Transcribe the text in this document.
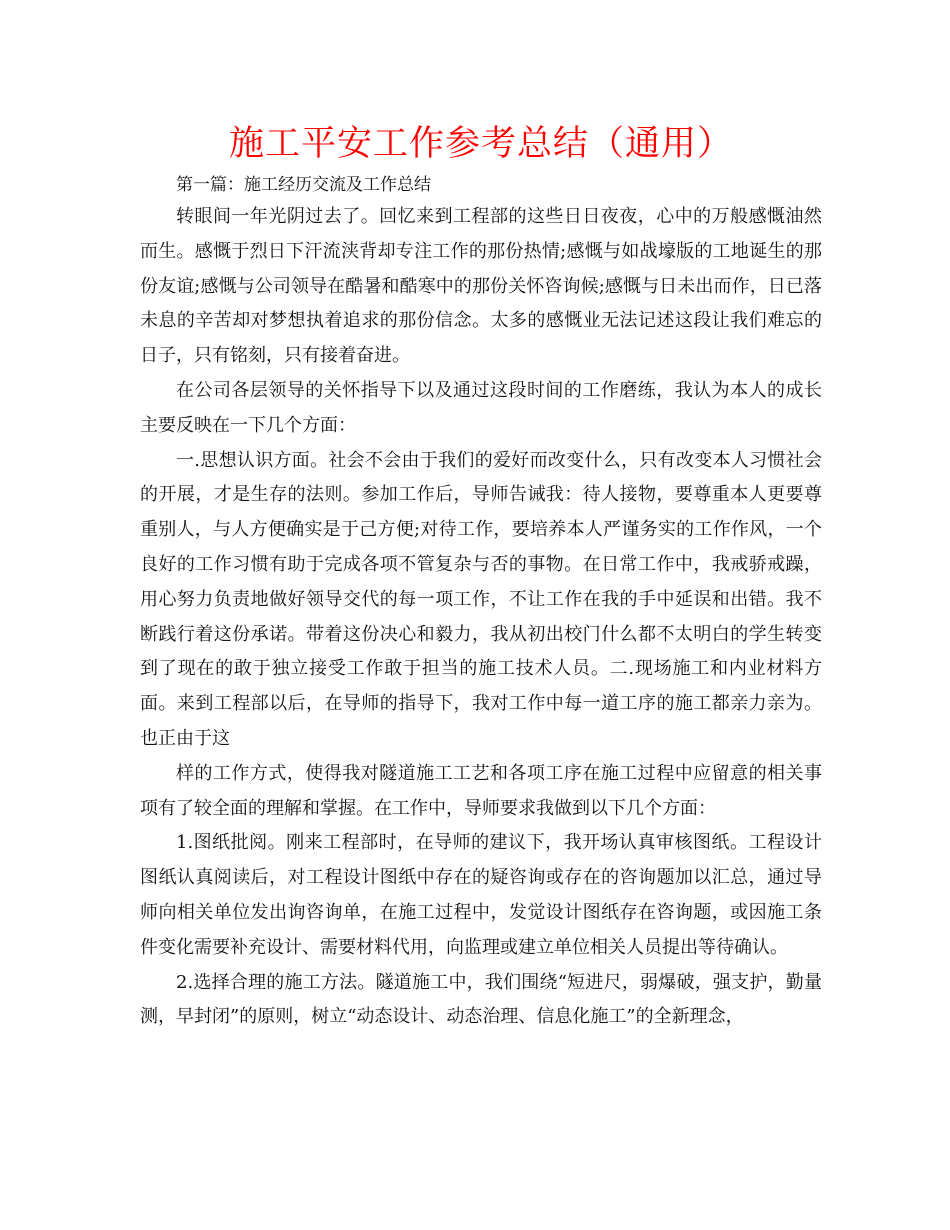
施工平安工作参考总结（通用）
第一篇：施工经历交流及工作总结

转眼间一年光阴过去了。回忆来到工程部的这些日日夜夜，心中的万般感慨油然而生。感慨于烈日下汗流浃背却专注工作的那份热情;感慨与如战壕版的工地诞生的那份友谊;感慨与公司领导在酷暑和酷寒中的那份关怀咨询候;感慨与日未出而作，日已落未息的辛苦却对梦想执着追求的那份信念。太多的感慨业无法记述这段让我们难忘的日子，只有铭刻，只有接着奋进。

在公司各层领导的关怀指导下以及通过这段时间的工作磨练，我认为本人的成长主要反映在一下几个方面：

一.思想认识方面。社会不会由于我们的爱好而改变什么，只有改变本人习惯社会的开展，才是生存的法则。参加工作后，导师告诫我：待人接物，要尊重本人更要尊重别人，与人方便确实是于己方便;对待工作，要培养本人严谨务实的工作作风，一个良好的工作习惯有助于完成各项不管复杂与否的事物。在日常工作中，我戒骄戒躁，用心努力负责地做好领导交代的每一项工作，不让工作在我的手中延误和出错。我不断践行着这份承诺。带着这份决心和毅力，我从初出校门什么都不太明白的学生转变到了现在的敢于独立接受工作敢于担当的施工技术人员。二.现场施工和内业材料方面。来到工程部以后，在导师的指导下，我对工作中每一道工序的施工都亲力亲为。也正由于这

样的工作方式，使得我对隧道施工工艺和各项工序在施工过程中应留意的相关事项有了较全面的理解和掌握。在工作中，导师要求我做到以下几个方面：

1.图纸批阅。刚来工程部时，在导师的建议下，我开场认真审核图纸。工程设计图纸认真阅读后，对工程设计图纸中存在的疑咨询或存在的咨询题加以汇总，通过导师向相关单位发出询咨询单，在施工过程中，发觉设计图纸存在咨询题，或因施工条件变化需要补充设计、需要材料代用，向监理或建立单位相关人员提出等待确认。

2.选择合理的施工方法。隧道施工中，我们围绕“短进尺，弱爆破，强支护，勤量测，早封闭”的原则，树立“动态设计、动态治理、信息化施工”的全新理念，
